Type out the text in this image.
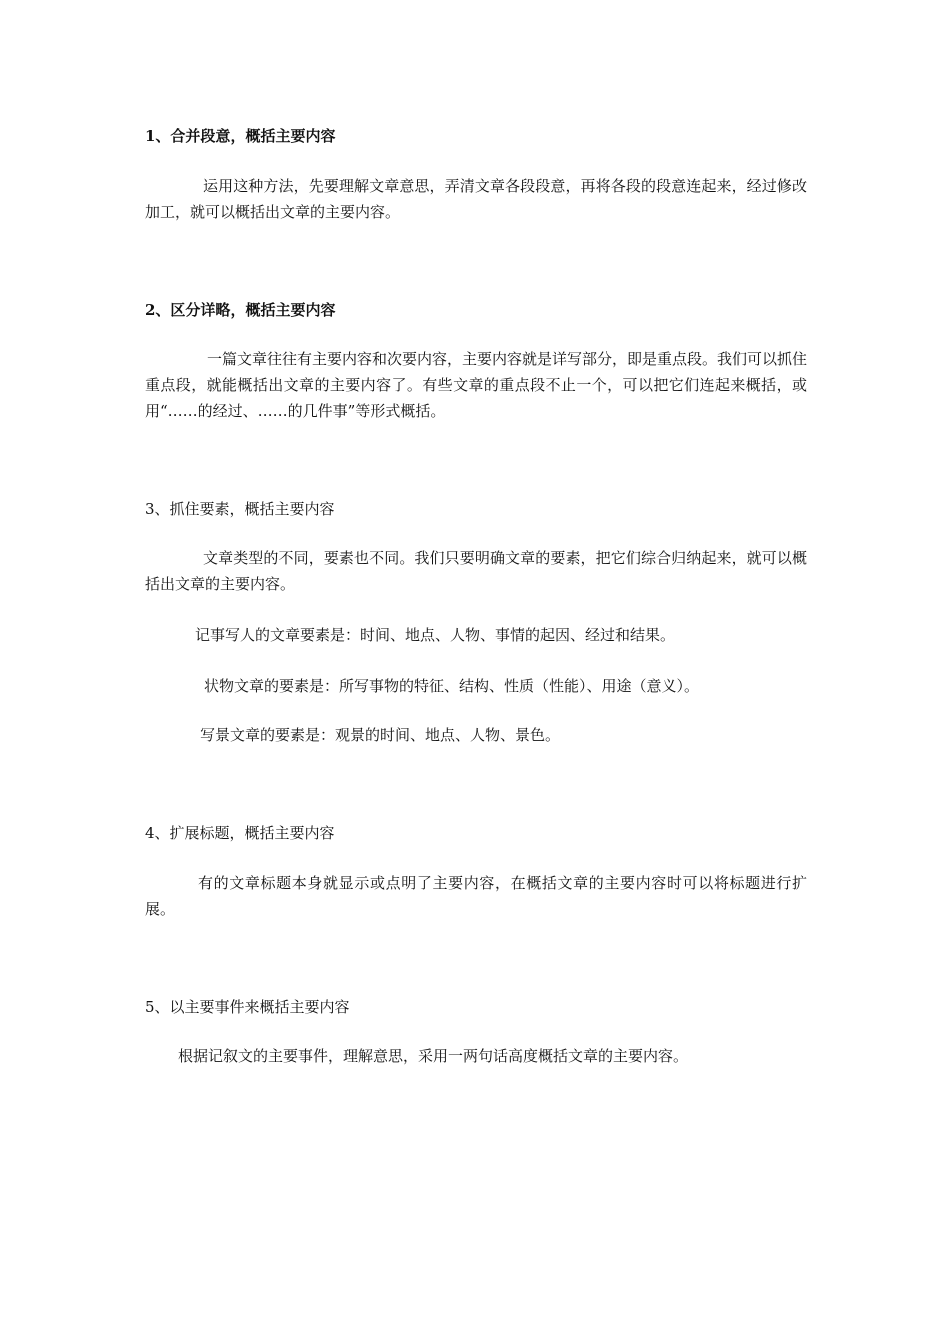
1、合并段意，概括主要内容
运用这种方法，先要理解文章意思，弄清文章各段段意，再将各段的段意连起来，经过修改加工，就可以概括出文章的主要内容。
2、区分详略，概括主要内容
一篇文章往往有主要内容和次要内容，主要内容就是详写部分，即是重点段。我们可以抓住重点段，就能概括出文章的主要内容了。有些文章的重点段不止一个，可以把它们连起来概括，或用“……的经过、……的几件事”等形式概括。
3、抓住要素，概括主要内容
文章类型的不同，要素也不同。我们只要明确文章的要素，把它们综合归纳起来，就可以概括出文章的主要内容。
记事写人的文章要素是：时间、地点、人物、事情的起因、经过和结果。
状物文章的要素是：所写事物的特征、结构、性质（性能）、用途（意义）。
写景文章的要素是：观景的时间、地点、人物、景色。
4、扩展标题，概括主要内容
有的文章标题本身就显示或点明了主要内容，在概括文章的主要内容时可以将标题进行扩展。
5、以主要事件来概括主要内容
根据记叙文的主要事件，理解意思，采用一两句话高度概括文章的主要内容。
